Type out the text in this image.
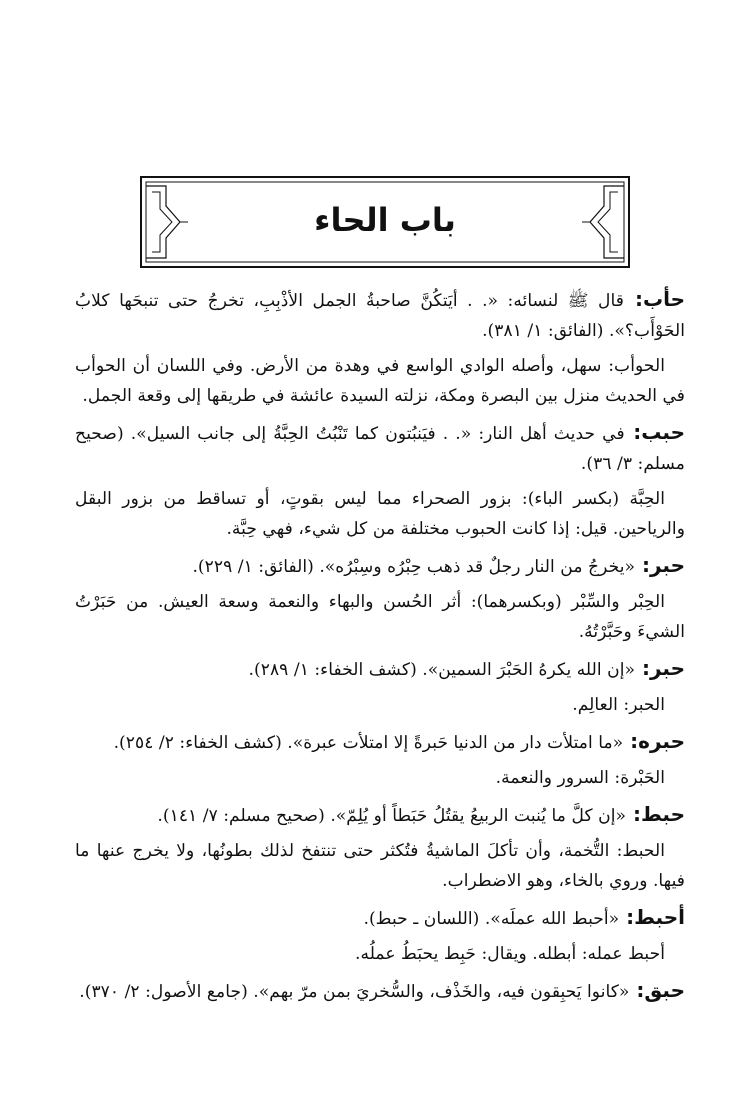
باب الحاء

حأب: قال ﷺ لنسائه: «. . أيَتكُنَّ صاحبةُ الجمل الأذْبِبِ، تخرجُ حتى تنبحَها كلابُ الحَوْأَب؟». (الفائق: ١/ ٣٨١).

الحوأب: سهل، وأصله الوادي الواسع في وهدة من الأرض. وفي اللسان أن الحوأب في الحديث منزل بين البصرة ومكة، نزلته السيدة عائشة في طريقها إلى وقعة الجمل.

حبب: في حديث أهل النار: «. . فيَنبُتون كما تَنْبُتُ الحِبَّةُ إلى جانب السيل». (صحيح مسلم: ٣/ ٣٦).

الحِبَّة (بكسر الباء): بزور الصحراء مما ليس بقوتٍ، أو تساقط من بزور البقل والرياحين. قيل: إذا كانت الحبوب مختلفة من كل شيء، فهي حِبَّة.

حبر: «يخرجُ من النار رجلٌ قد ذهب حِبْرُه وسِبْرُه». (الفائق: ١/ ٢٢٩).

الحِبْر والسِّبْر (وبكسرهما): أثر الحُسن والبهاء والنعمة وسعة العيش. من حَبَرْتُ الشيءَ وحَبَّرْتُهُ.

حبر: «إن الله يكرهُ الحَبْرَ السمين». (كشف الخفاء: ١/ ٢٨٩).

الحبر: العالِم.

حبره: «ما امتلأت دار من الدنيا حَبرةً إلا امتلأت عبرة». (كشف الخفاء: ٢/ ٢٥٤).

الحَبْرة: السرور والنعمة.

حبط: «إن كلَّ ما يُنبت الربيعُ يقتُلُ حَبَطاً أو يُلِمّ». (صحيح مسلم: ٧/ ١٤١).

الحبط: التُّخمة، وأن تأكلَ الماشيةُ فتُكثر حتى تنتفخ لذلك بطونُها، ولا يخرج عنها ما فيها. وروي بالخاء، وهو الاضطراب.

أحبط: «أحبط الله عملَه». (اللسان ـ حبط).

أحبط عمله: أبطله. ويقال: حَبِط يحبَطُ عملُه.

حبق: «كانوا يَحبِقون فيه، والخَذْف، والسُّخريَ بمن مرّ بهم». (جامع الأصول: ٢/ ٣٧٠).
